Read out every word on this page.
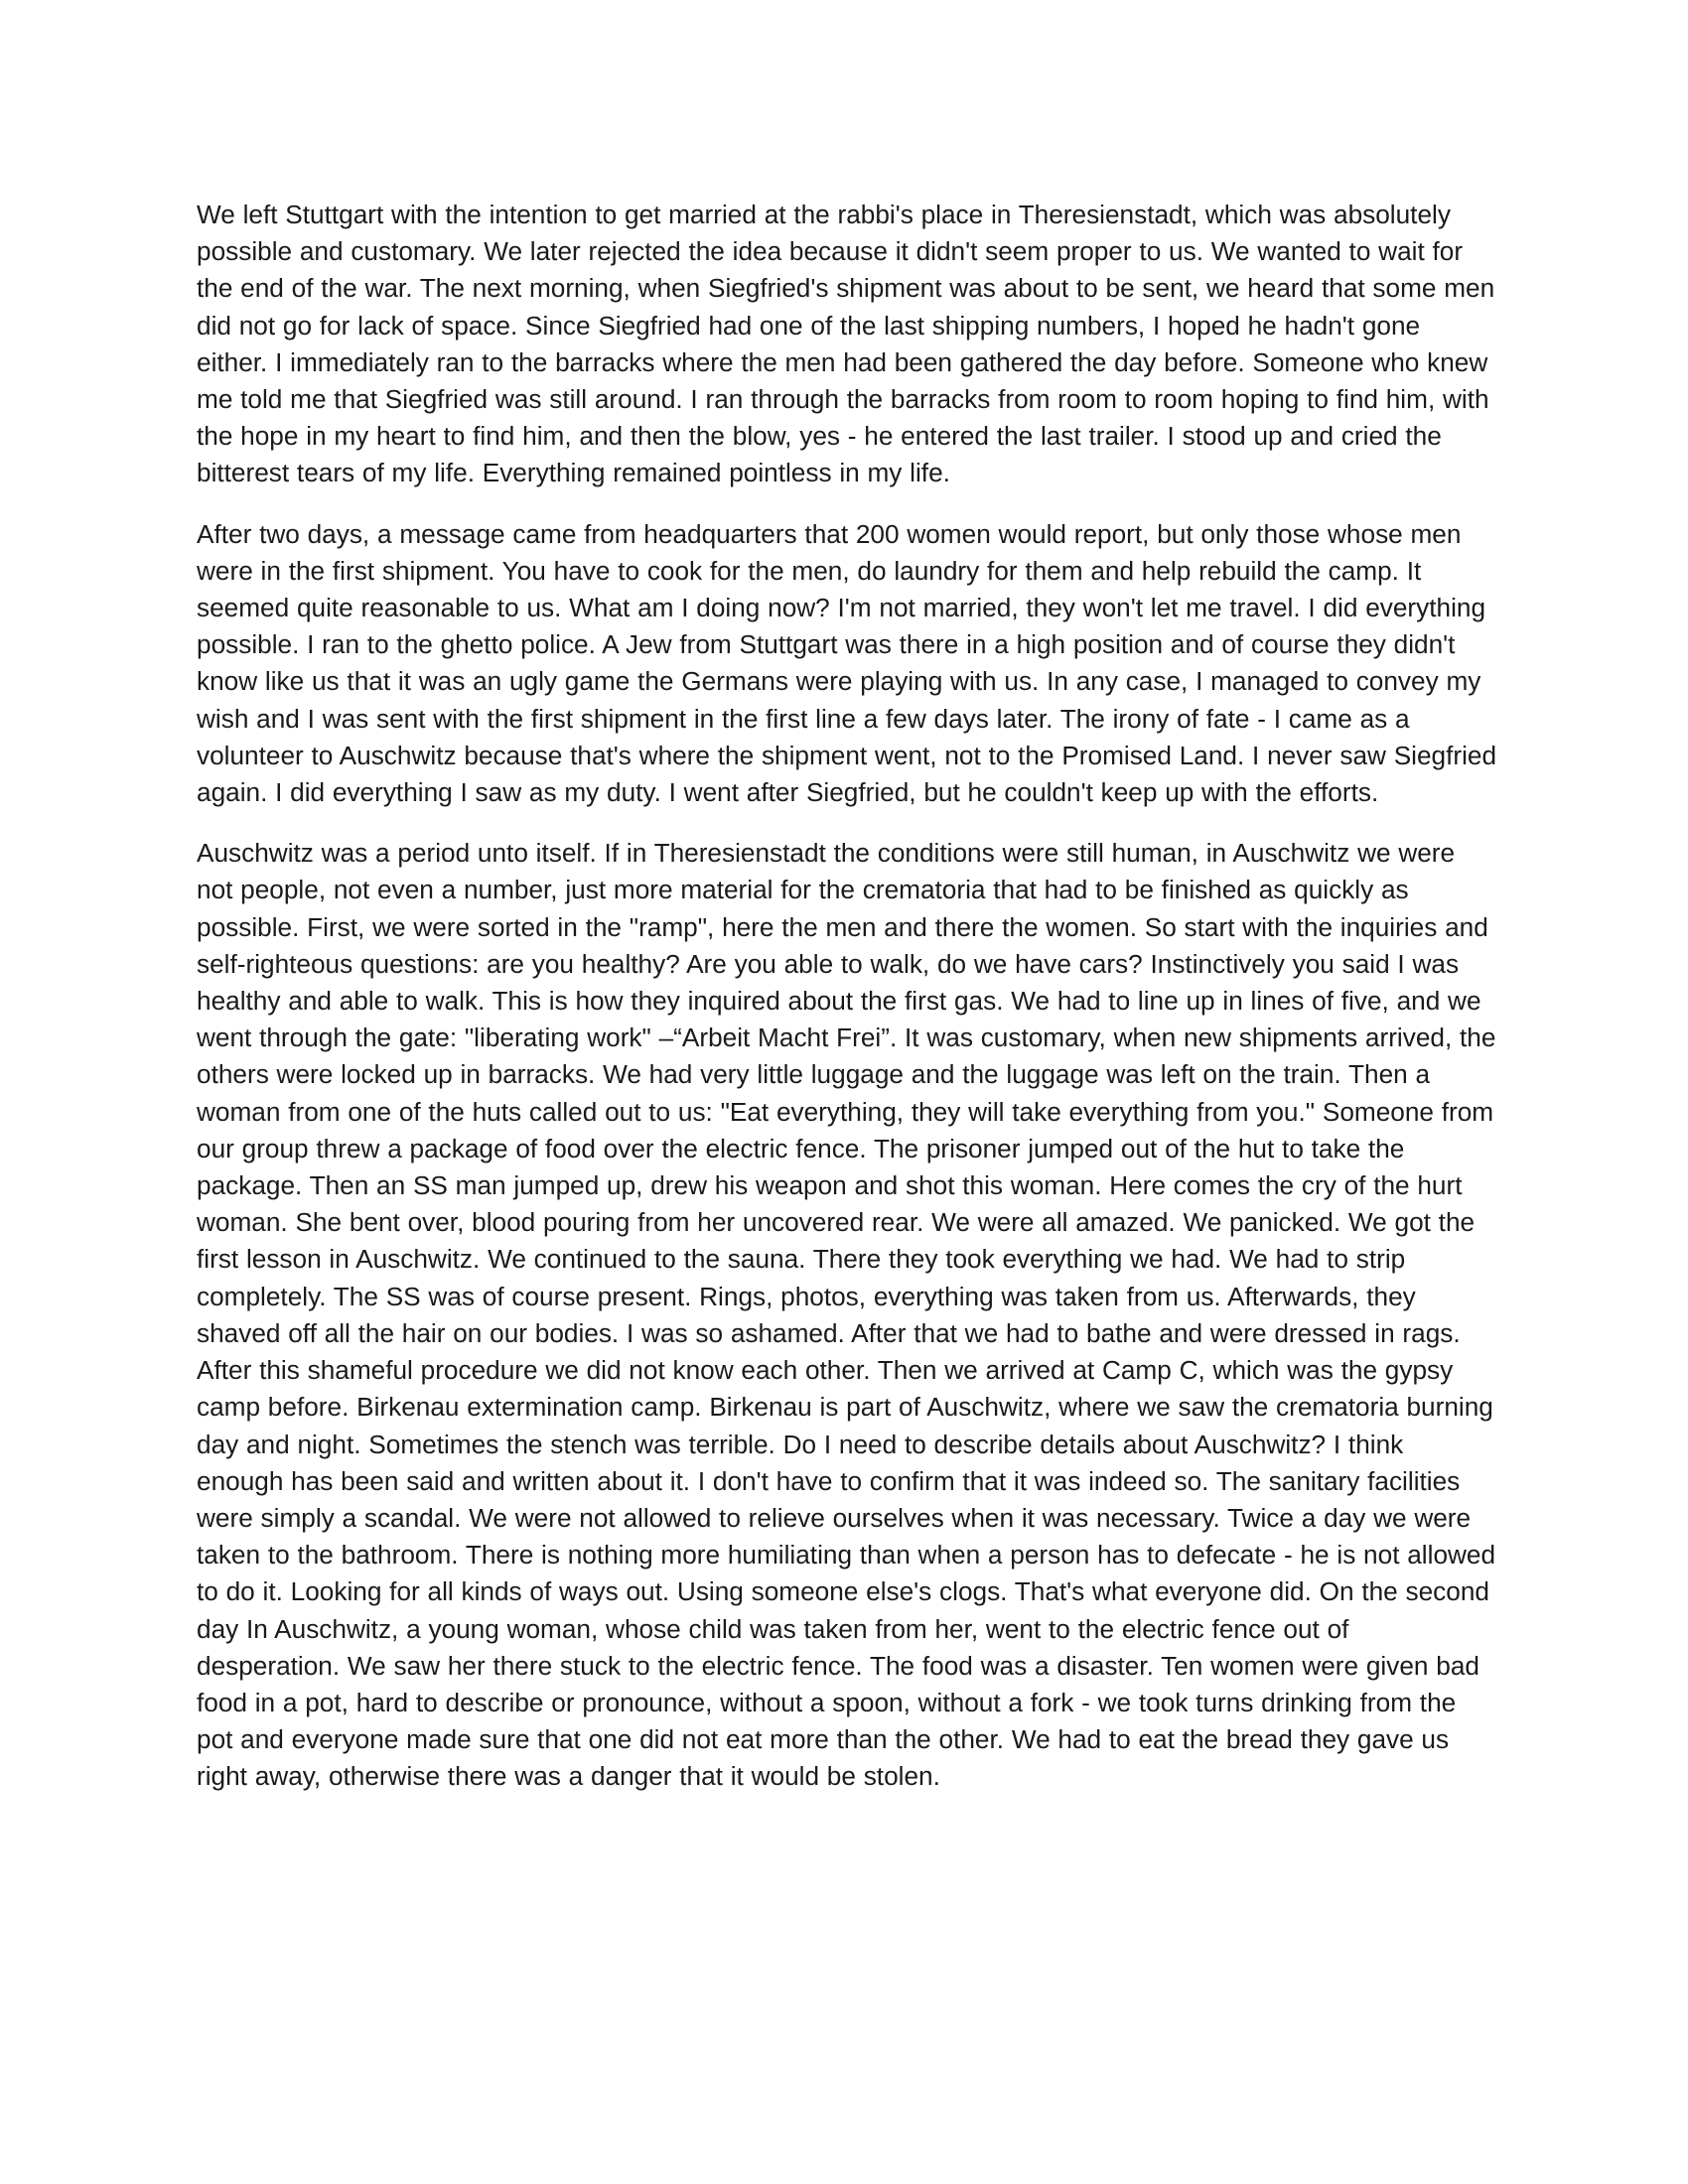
We left Stuttgart with the intention to get married at the rabbi's place in Theresienstadt, which was absolutely possible and customary. We later rejected the idea because it didn't seem proper to us. We wanted to wait for the end of the war. The next morning, when Siegfried's shipment was about to be sent, we heard that some men did not go for lack of space. Since Siegfried had one of the last shipping numbers, I hoped he hadn't gone either. I immediately ran to the barracks where the men had been gathered the day before. Someone who knew me told me that Siegfried was still around. I ran through the barracks from room to room hoping to find him, with the hope in my heart to find him, and then the blow, yes - he entered the last trailer. I stood up and cried the bitterest tears of my life. Everything remained pointless in my life.

After two days, a message came from headquarters that 200 women would report, but only those whose men were in the first shipment. You have to cook for the men, do laundry for them and help rebuild the camp. It seemed quite reasonable to us. What am I doing now? I'm not married, they won't let me travel. I did everything possible. I ran to the ghetto police. A Jew from Stuttgart was there in a high position and of course they didn't know like us that it was an ugly game the Germans were playing with us. In any case, I managed to convey my wish and I was sent with the first shipment in the first line a few days later. The irony of fate - I came as a volunteer to Auschwitz because that's where the shipment went, not to the Promised Land. I never saw Siegfried again. I did everything I saw as my duty. I went after Siegfried, but he couldn't keep up with the efforts.

Auschwitz was a period unto itself. If in Theresienstadt the conditions were still human, in Auschwitz we were not people, not even a number, just more material for the crematoria that had to be finished as quickly as possible. First, we were sorted in the "ramp", here the men and there the women. So start with the inquiries and self-righteous questions: are you healthy? Are you able to walk, do we have cars? Instinctively you said I was healthy and able to walk. This is how they inquired about the first gas. We had to line up in lines of five, and we went through the gate: "liberating work" –“Arbeit Macht Frei”. It was customary, when new shipments arrived, the others were locked up in barracks. We had very little luggage and the luggage was left on the train. Then a woman from one of the huts called out to us: "Eat everything, they will take everything from you." Someone from our group threw a package of food over the electric fence. The prisoner jumped out of the hut to take the package. Then an SS man jumped up, drew his weapon and shot this woman. Here comes the cry of the hurt woman. She bent over, blood pouring from her uncovered rear. We were all amazed. We panicked. We got the first lesson in Auschwitz. We continued to the sauna. There they took everything we had. We had to strip completely. The SS was of course present. Rings, photos, everything was taken from us. Afterwards, they shaved off all the hair on our bodies. I was so ashamed. After that we had to bathe and were dressed in rags. After this shameful procedure we did not know each other. Then we arrived at Camp C, which was the gypsy camp before. Birkenau extermination camp. Birkenau is part of Auschwitz, where we saw the crematoria burning day and night. Sometimes the stench was terrible. Do I need to describe details about Auschwitz? I think enough has been said and written about it. I don't have to confirm that it was indeed so. The sanitary facilities were simply a scandal. We were not allowed to relieve ourselves when it was necessary. Twice a day we were taken to the bathroom. There is nothing more humiliating than when a person has to defecate - he is not allowed to do it. Looking for all kinds of ways out. Using someone else's clogs. That's what everyone did. On the second day In Auschwitz, a young woman, whose child was taken from her, went to the electric fence out of desperation. We saw her there stuck to the electric fence. The food was a disaster. Ten women were given bad food in a pot, hard to describe or pronounce, without a spoon, without a fork - we took turns drinking from the pot and everyone made sure that one did not eat more than the other. We had to eat the bread they gave us right away, otherwise there was a danger that it would be stolen.
